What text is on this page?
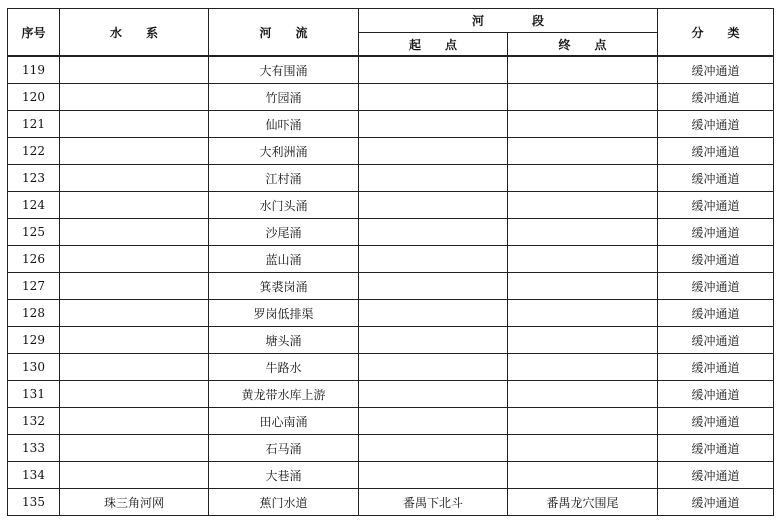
序号	水　　系	河　　流	河　　　　段		分　　类
			起　　点	终　　点	
119		大有围涌			缓冲通道
120		竹园涌			缓冲通道
121		仙吓涌			缓冲通道
122		大利洲涌			缓冲通道
123		江村涌			缓冲通道
124		水门头涌			缓冲通道
125		沙尾涌			缓冲通道
126		蓝山涌			缓冲通道
127		箕裘岗涌			缓冲通道
128		罗岗低排渠			缓冲通道
129		塘头涌			缓冲通道
130		牛路水			缓冲通道
131		黄龙带水库上游			缓冲通道
132		田心南涌			缓冲通道
133		石马涌			缓冲通道
134		大巷涌			缓冲通道
135	珠三角河网	蕉门水道	番禺下北斗	番禺龙穴围尾	缓冲通道
